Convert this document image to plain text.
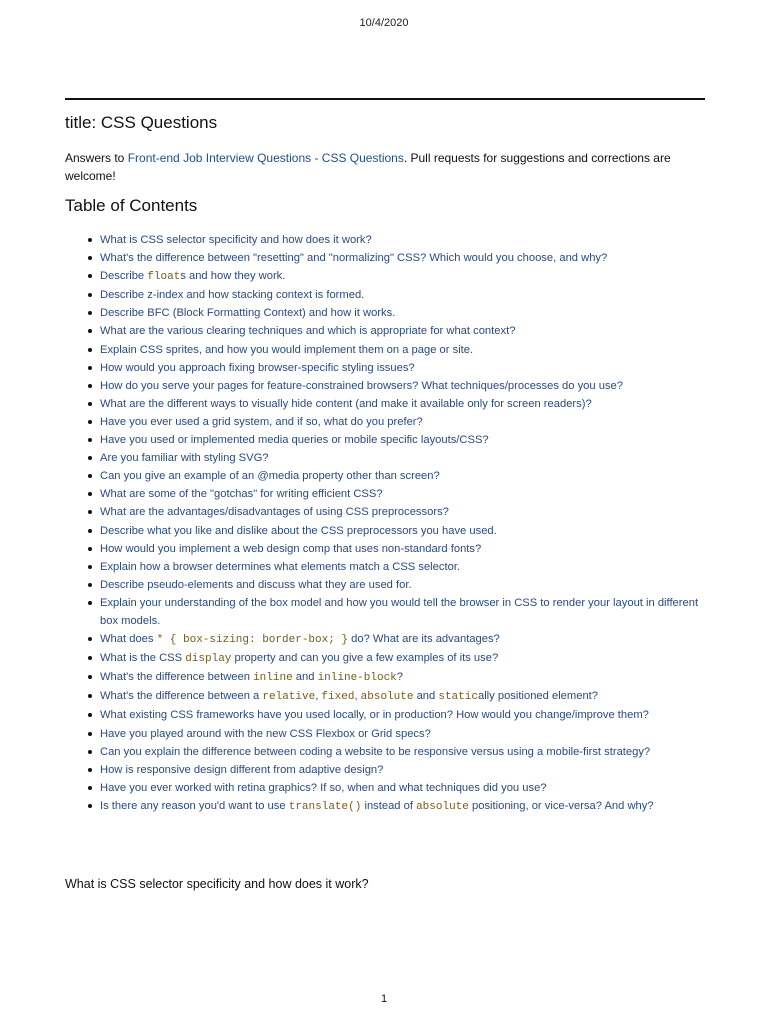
10/4/2020
title: CSS Questions

Answers to Front-end Job Interview Questions - CSS Questions. Pull requests for suggestions and corrections are welcome!

Table of Contents
What is CSS selector specificity and how does it work?
What's the difference between "resetting" and "normalizing" CSS? Which would you choose, and why?
Describe floats and how they work.
Describe z-index and how stacking context is formed.
Describe BFC (Block Formatting Context) and how it works.
What are the various clearing techniques and which is appropriate for what context?
Explain CSS sprites, and how you would implement them on a page or site.
How would you approach fixing browser-specific styling issues?
How do you serve your pages for feature-constrained browsers? What techniques/processes do you use?
What are the different ways to visually hide content (and make it available only for screen readers)?
Have you ever used a grid system, and if so, what do you prefer?
Have you used or implemented media queries or mobile specific layouts/CSS?
Are you familiar with styling SVG?
Can you give an example of an @media property other than screen?
What are some of the "gotchas" for writing efficient CSS?
What are the advantages/disadvantages of using CSS preprocessors?
Describe what you like and dislike about the CSS preprocessors you have used.
How would you implement a web design comp that uses non-standard fonts?
Explain how a browser determines what elements match a CSS selector.
Describe pseudo-elements and discuss what they are used for.
Explain your understanding of the box model and how you would tell the browser in CSS to render your layout in different box models.
What does * { box-sizing: border-box; } do? What are its advantages?
What is the CSS display property and can you give a few examples of its use?
What's the difference between inline and inline-block?
What's the difference between a relative, fixed, absolute and statically positioned element?
What existing CSS frameworks have you used locally, or in production? How would you change/improve them?
Have you played around with the new CSS Flexbox or Grid specs?
Can you explain the difference between coding a website to be responsive versus using a mobile-first strategy?
How is responsive design different from adaptive design?
Have you ever worked with retina graphics? If so, when and what techniques did you use?
Is there any reason you'd want to use translate() instead of absolute positioning, or vice-versa? And why?
What is CSS selector specificity and how does it work?
1
